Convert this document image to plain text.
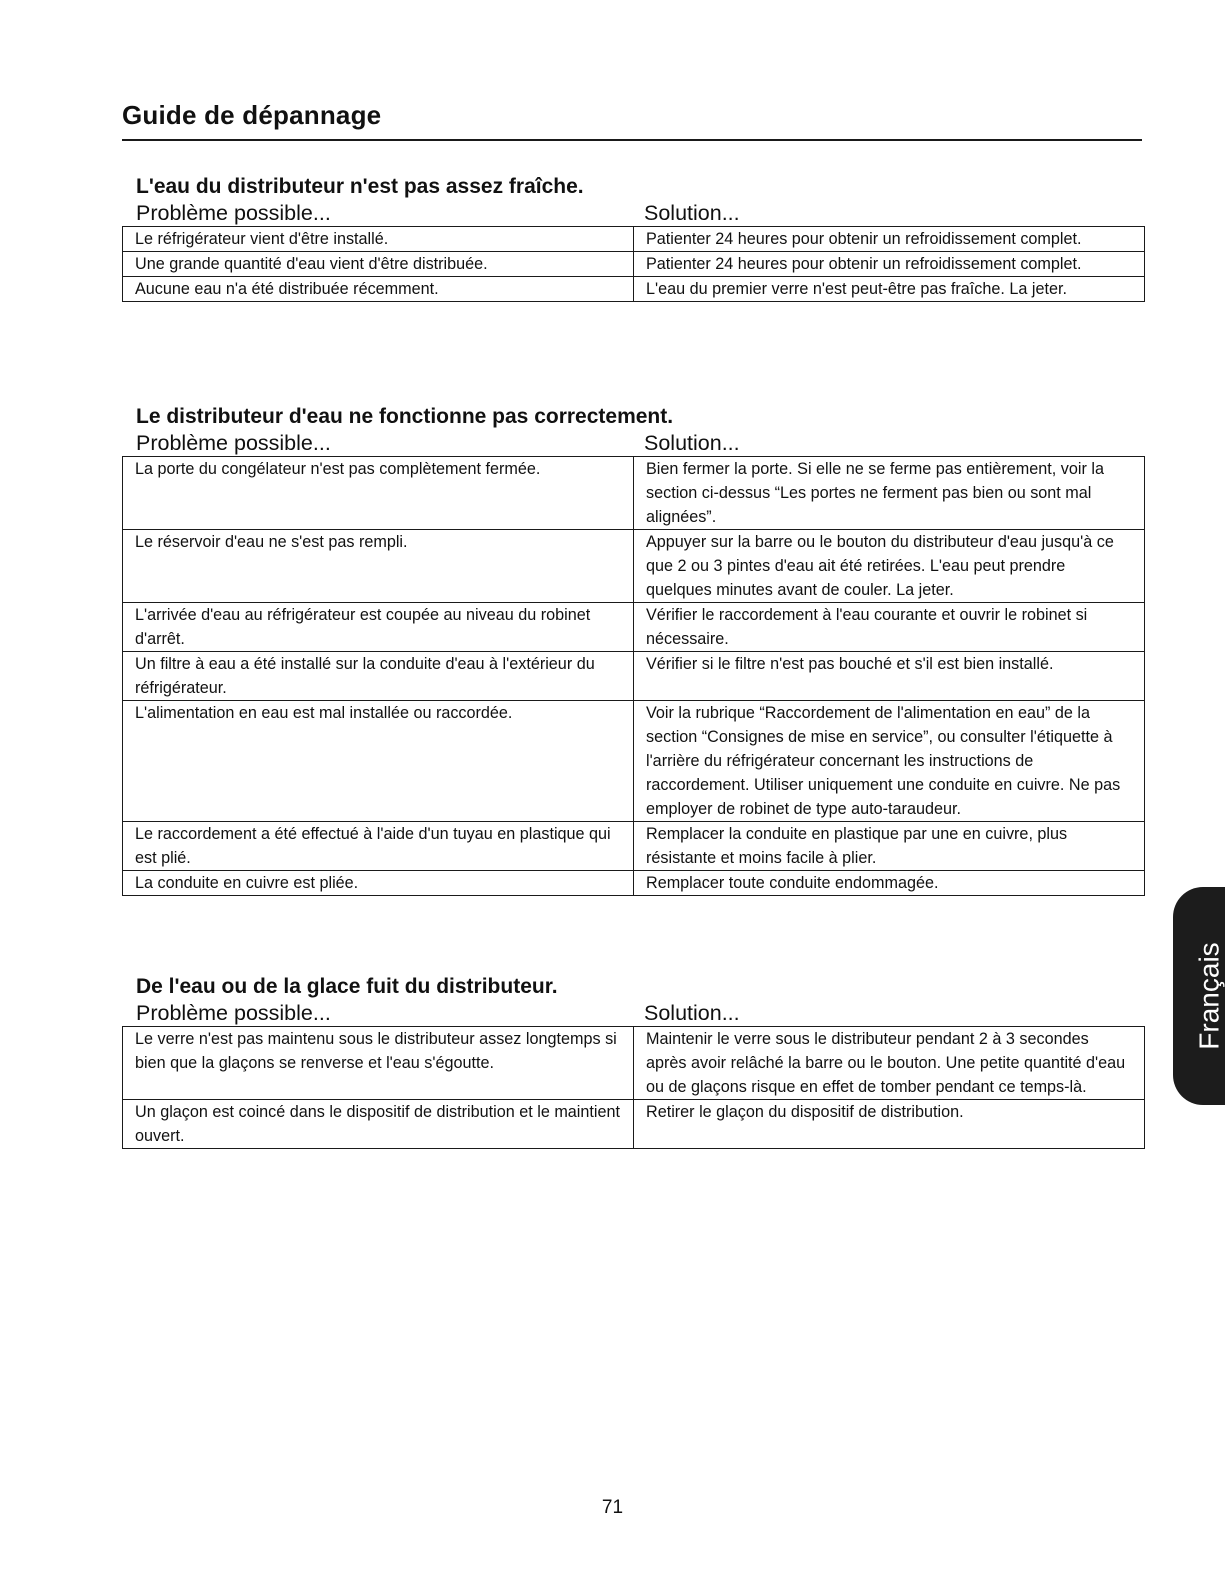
Guide de dépannage
L'eau du distributeur n'est pas assez fraîche.
Problème possible...	Solution...
Le réfrigérateur vient d'être installé.	Patienter 24 heures pour obtenir un refroidissement complet.
Une grande quantité d'eau vient d'être distribuée.	Patienter 24 heures pour obtenir un refroidissement complet.
Aucune eau n'a été distribuée récemment.	L'eau du premier verre n'est peut-être pas fraîche. La jeter.
Le distributeur d'eau ne fonctionne pas correctement.
Problème possible...	Solution...
La porte du congélateur n'est pas complètement fermée.	Bien fermer la porte. Si elle ne se ferme pas entièrement, voir la section ci-dessus “Les portes ne ferment pas bien ou sont mal alignées”.
Le réservoir d'eau ne s'est pas rempli.	Appuyer sur la barre ou le bouton du distributeur d'eau jusqu'à ce que 2 ou 3 pintes d'eau ait été retirées. L'eau peut prendre quelques minutes avant de couler. La jeter.
L'arrivée d'eau au réfrigérateur est coupée au niveau du robinet d'arrêt.	Vérifier le raccordement à l'eau courante et ouvrir le robinet si nécessaire.
Un filtre à eau a été installé sur la conduite d'eau à l'extérieur du réfrigérateur.	Vérifier si le filtre n'est pas bouché et s'il est bien installé.
L'alimentation en eau est mal installée ou raccordée.	Voir la rubrique “Raccordement de l'alimentation en eau” de la section “Consignes de mise en service”, ou consulter l'étiquette à l'arrière du réfrigérateur concernant les instructions de raccordement. Utiliser uniquement une conduite en cuivre. Ne pas employer de robinet de type auto-taraudeur.
Le raccordement a été effectué à l'aide d'un tuyau en plastique qui est plié.	Remplacer la conduite en plastique par une en cuivre, plus résistante et moins facile à plier.
La conduite en cuivre est pliée.	Remplacer toute conduite endommagée.
De l'eau ou de la glace fuit du distributeur.
Problème possible...	Solution...
Le verre n'est pas maintenu sous le distributeur assez longtemps si bien que la glaçons se renverse et l'eau s'égoutte.	Maintenir le verre sous le distributeur pendant 2 à 3 secondes après avoir relâché la barre ou le bouton. Une petite quantité d'eau ou de glaçons risque en effet de tomber pendant ce temps-là.
Un glaçon est coincé dans le dispositif de distribution et le maintient ouvert.	Retirer le glaçon du dispositif de distribution.
Français

71
